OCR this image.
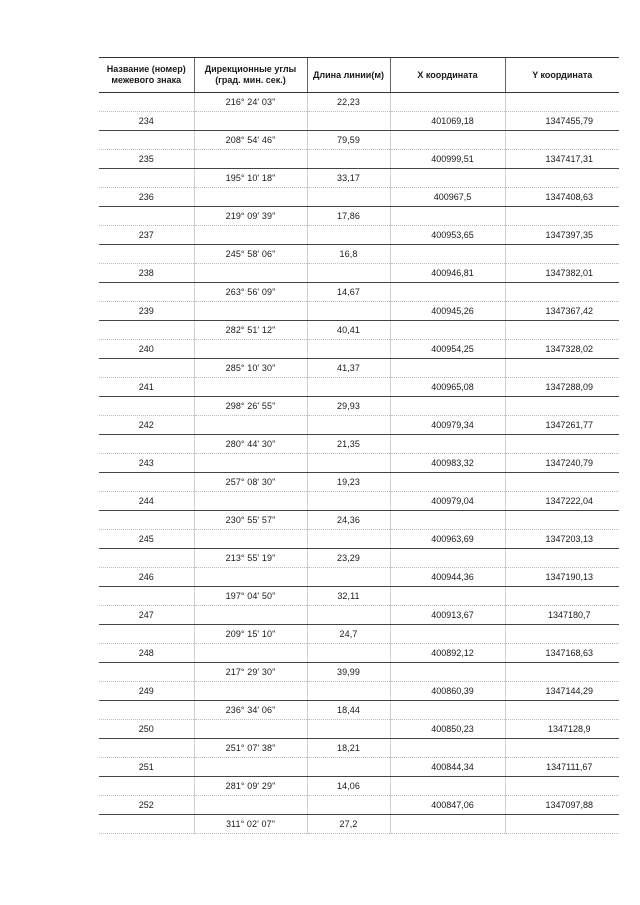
Название (номер) межевого знака	Дирекционные углы (град. мин. сек.)	Длина линии(м)	X координата	Y координата
	216° 24' 03"	22,23		
234			401069,18	1347455,79
	208° 54' 46"	79,59		
235			400999,51	1347417,31
	195° 10' 18"	33,17		
236			400967,5	1347408,63
	219° 09' 39"	17,86		
237			400953,65	1347397,35
	245° 58' 06"	16,8		
238			400946,81	1347382,01
	263° 56' 09"	14,67		
239			400945,26	1347367,42
	282° 51' 12"	40,41		
240			400954,25	1347328,02
	285° 10' 30"	41,37		
241			400965,08	1347288,09
	298° 26' 55"	29,93		
242			400979,34	1347261,77
	280° 44' 30"	21,35		
243			400983,32	1347240,79
	257° 08' 30"	19,23		
244			400979,04	1347222,04
	230° 55' 57"	24,36		
245			400963,69	1347203,13
	213° 55' 19"	23,29		
246			400944,36	1347190,13
	197° 04' 50"	32,11		
247			400913,67	1347180,7
	209° 15' 10"	24,7		
248			400892,12	1347168,63
	217° 29' 30"	39,99		
249			400860,39	1347144,29
	236° 34' 06"	18,44		
250			400850,23	1347128,9
	251° 07' 38"	18,21		
251			400844,34	1347111,67
	281° 09' 29"	14,06		
252			400847,06	1347097,88
	311° 02' 07"	27,2		
